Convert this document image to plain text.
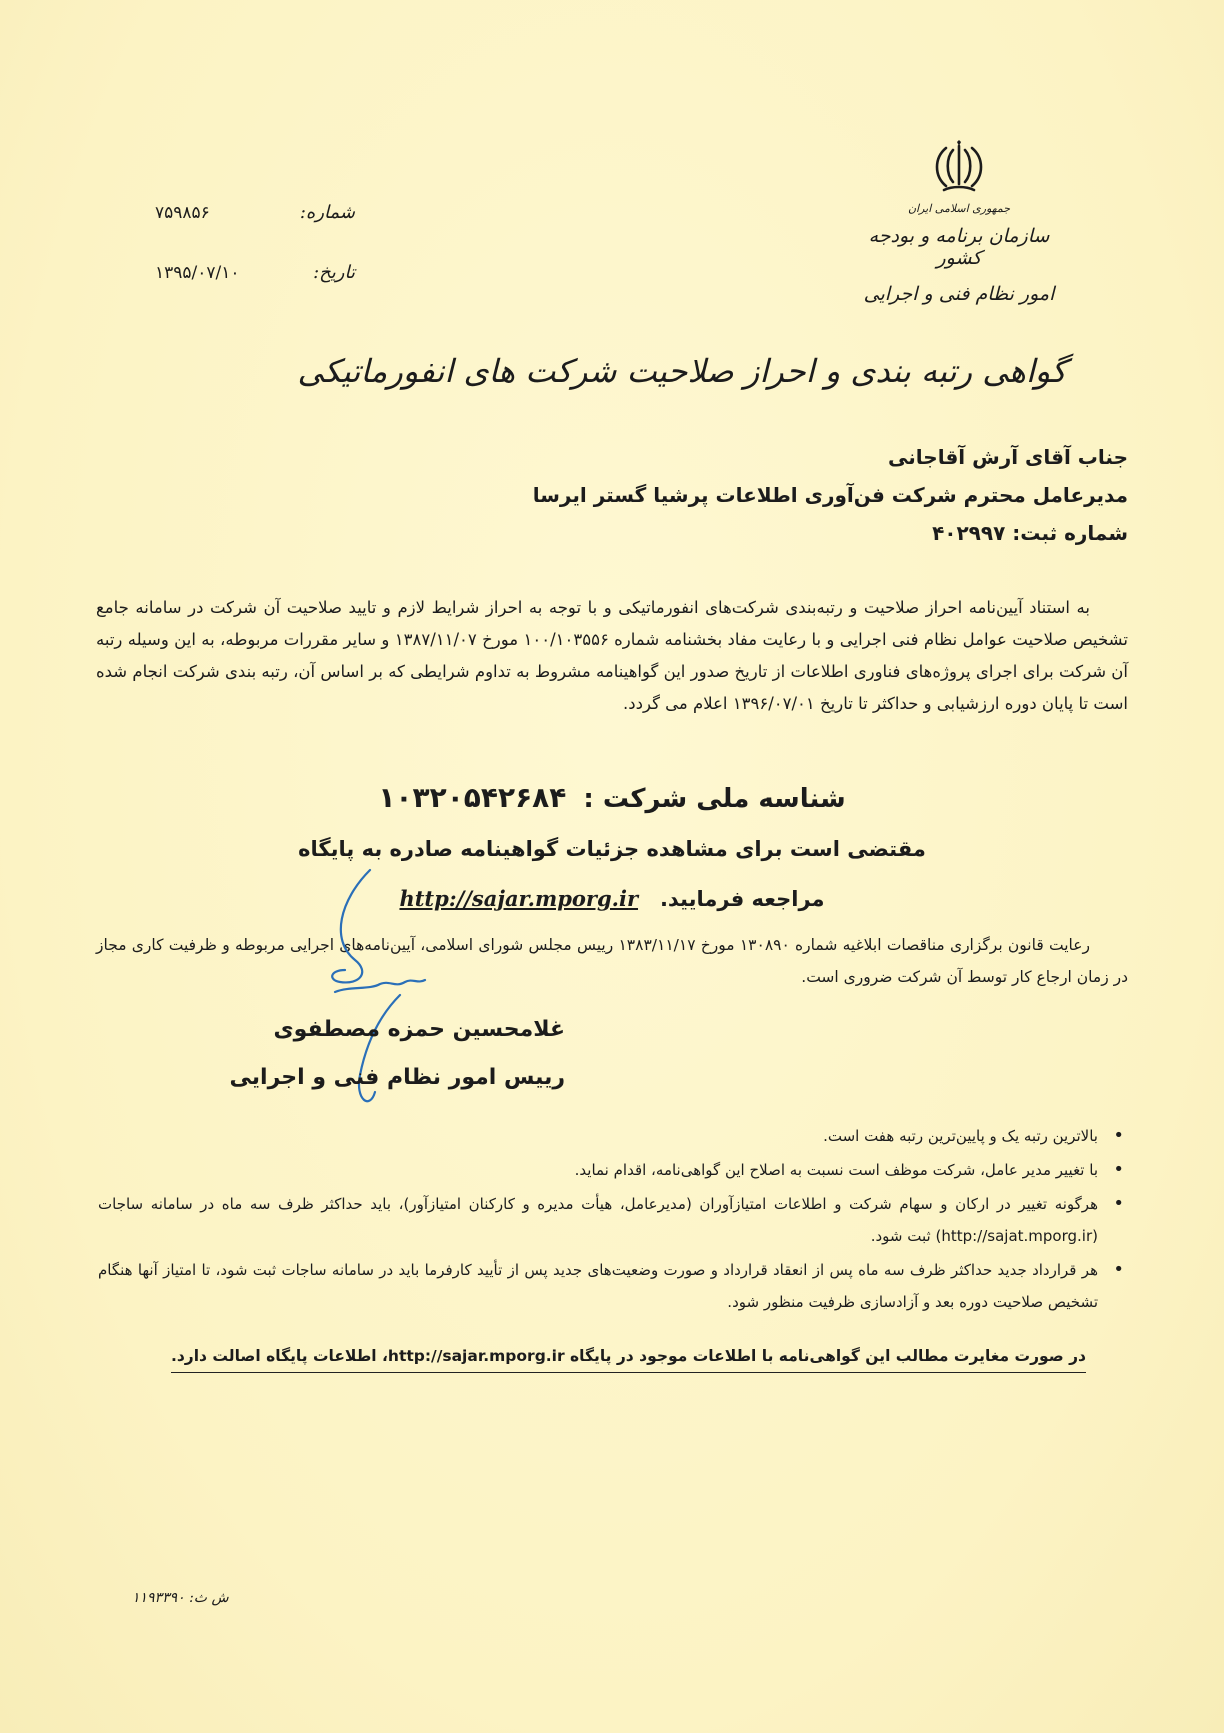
جمهوری اسلامی ایران
سازمان برنامه و بودجه کشور
امور نظام فنی و اجرایی
شماره:
۷۵۹۸۵۶
تاریخ:
۱۳۹۵/۰۷/۱۰
گواهی رتبه بندی و احراز صلاحیت شرکت های انفورماتیکی
جناب آقای آرش آقاجانی
مدیرعامل محترم شرکت فن‌آوری اطلاعات پرشیا گستر ایرسا
شماره ثبت: ۴۰۲۹۹۷
به استناد آیین‌نامه احراز صلاحیت و رتبه‌بندی شرکت‌های انفورماتیکی و با توجه به احراز شرایط لازم و تایید صلاحیت آن شرکت در سامانه جامع تشخیص صلاحیت عوامل نظام فنی اجرایی و با رعایت مفاد بخشنامه شماره ۱۰۰/۱۰۳۵۵۶ مورخ ۱۳۸۷/۱۱/۰۷ و سایر مقررات مربوطه، به این وسیله رتبه آن شرکت برای اجرای پروژه‌های فناوری اطلاعات از تاریخ صدور این گواهینامه مشروط به تداوم شرایطی که بر اساس آن، رتبه بندی شرکت انجام شده است تا پایان دوره ارزشیابی و حداکثر تا تاریخ ۱۳۹۶/۰۷/۰۱ اعلام می گردد.
شناسه ملی شرکت : ۱۰۳۲۰۵۴۲۶۸۴
مقتضی است برای مشاهده جزئیات گواهینامه صادره به پایگاه
مراجعه فرمایید.   http://sajar.mporg.ir
رعایت قانون برگزاری مناقصات ابلاغیه شماره ۱۳۰۸۹۰ مورخ ۱۳۸۳/۱۱/۱۷ رییس مجلس شورای اسلامی، آیین‌نامه‌های اجرایی مربوطه و ظرفیت کاری مجاز در زمان ارجاع کار توسط آن شرکت ضروری است.
غلامحسین حمزه مصطفوی
رییس امور نظام فنی و اجرایی
• بالاترین رتبه یک و پایین‌ترین رتبه هفت است.
• با تغییر مدیر عامل، شرکت موظف است نسبت به اصلاح این گواهی‌نامه، اقدام نماید.
• هرگونه تغییر در ارکان و سهام شرکت و اطلاعات امتیازآوران (مدیرعامل، هیأت مدیره و کارکنان امتیازآور)، باید حداکثر ظرف سه ماه در سامانه ساجات (http://sajat.mporg.ir) ثبت شود.
• هر قرارداد جدید حداکثر ظرف سه ماه پس از انعقاد قرارداد و صورت وضعیت‌های جدید پس از تأیید کارفرما باید در سامانه ساجات ثبت شود، تا امتیاز آنها هنگام تشخیص صلاحیت دوره بعد و آزادسازی ظرفیت منظور شود.
در صورت مغایرت مطالب این گواهی‌نامه با اطلاعات موجود در پایگاه http://sajar.mporg.ir، اطلاعات پایگاه اصالت دارد.
ش ث: ۱۱۹۳۳۹۰
